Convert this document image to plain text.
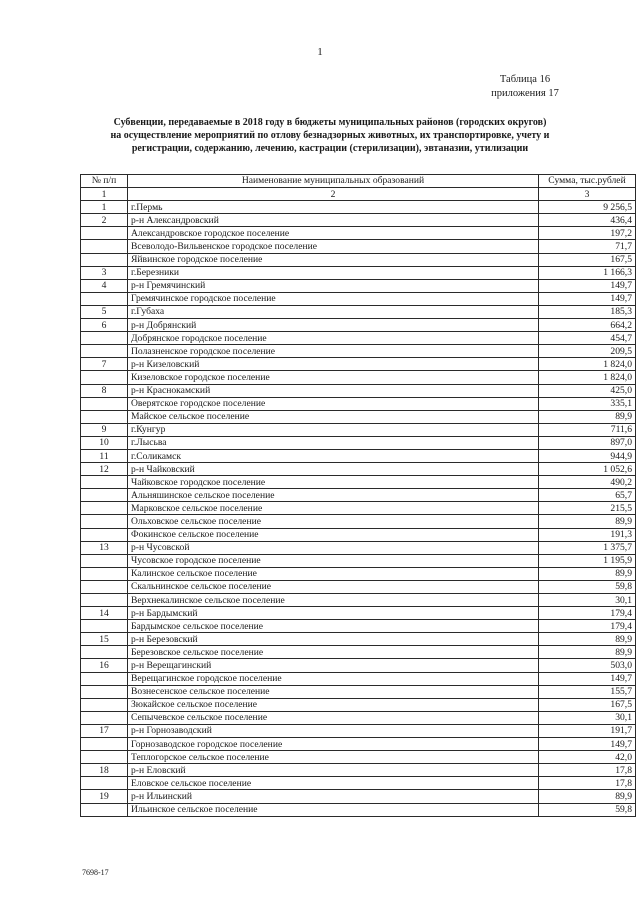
1
Таблица 16
приложения 17
Субвенции, передаваемые в 2018 году в бюджеты муниципальных районов (городских округов) на осуществление мероприятий по отлову безнадзорных животных, их транспортировке, учету и регистрации, содержанию, лечению, кастрации (стерилизации), эвтаназии, утилизации
№ п/п	Наименование муниципальных образований	Сумма, тыс.рублей
1	2	3
1	г.Пермь	9 256,5
2	р-н Александровский	436,4
	Александровское городское поселение	197,2
	Всеволодо-Вильвенское городское поселение	71,7
	Яйвинское городское поселение	167,5
3	г.Березники	1 166,3
4	р-н Гремячинский	149,7
	Гремячинское городское поселение	149,7
5	г.Губаха	185,3
6	р-н Добрянский	664,2
	Добрянское городское поселение	454,7
	Полазненское городское поселение	209,5
7	р-н Кизеловский	1 824,0
	Кизеловское городское поселение	1 824,0
8	р-н Краснокамский	425,0
	Оверятское городское поселение	335,1
	Майское сельское поселение	89,9
9	г.Кунгур	711,6
10	г.Лысьва	897,0
11	г.Соликамск	944,9
12	р-н Чайковский	1 052,6
	Чайковское городское поселение	490,2
	Альняшинское сельское поселение	65,7
	Марковское сельское поселение	215,5
	Ольховское сельское поселение	89,9
	Фокинское сельское поселение	191,3
13	р-н Чусовской	1 375,7
	Чусовское городское поселение	1 195,9
	Калинское сельское поселение	89,9
	Скальнинское сельское поселение	59,8
	Верхнекалинское сельское поселение	30,1
14	р-н Бардымский	179,4
	Бардымское сельское поселение	179,4
15	р-н Березовский	89,9
	Березовское сельское поселение	89,9
16	р-н Верещагинский	503,0
	Верещагинское городское поселение	149,7
	Вознесенское сельское поселение	155,7
	Зюкайское сельское поселение	167,5
	Сепычевское сельское поселение	30,1
17	р-н Горнозаводский	191,7
	Горнозаводское городское поселение	149,7
	Теплогорское сельское поселение	42,0
18	р-н Еловский	17,8
	Еловское сельское поселение	17,8
19	р-н Ильинский	89,9
	Ильинское сельское поселение	59,8
7698-17
